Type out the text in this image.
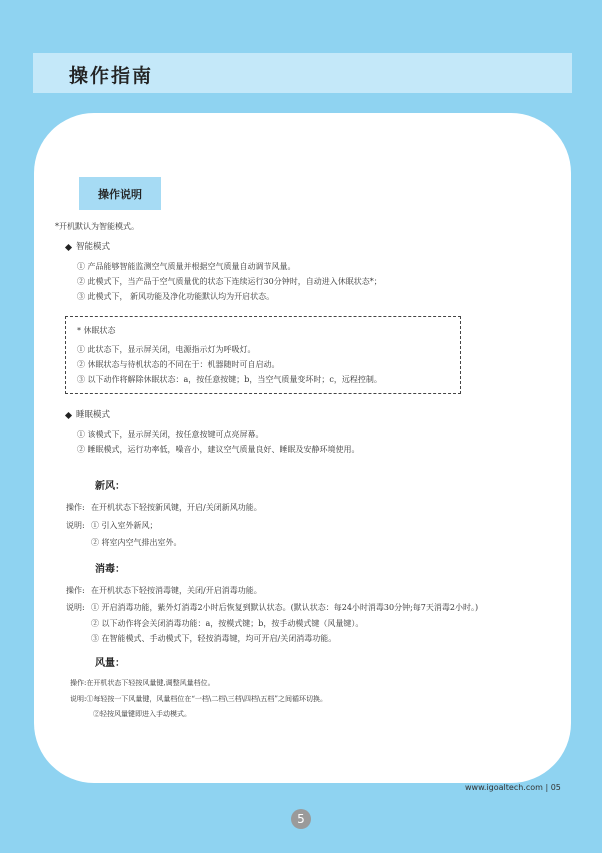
操作指南
操作说明
*开机默认为智能模式。
智能模式
① 产品能够智能监测空气质量并根据空气质量自动调节风量。
② 此模式下，当产品于空气质量优的状态下连续运行30分钟时，自动进入休眠状态*；
③ 此模式下， 新风功能及净化功能默认均为开启状态。
* 休眠状态
① 此状态下，显示屏关闭，电源指示灯为呼吸灯。
② 休眠状态与待机状态的不同在于：机器随时可自启动。
③ 以下动作将解除休眠状态：a，按任意按键；b，当空气质量变坏时；c，远程控制。
睡眠模式
① 该模式下，显示屏关闭，按任意按键可点亮屏幕。
② 睡眠模式，运行功率低，噪音小，建议空气质量良好、睡眠及安静环境使用。
新风：
操作: 在开机状态下轻按新风键，开启/关闭新风功能。
说明: ① 引入室外新风；
② 将室内空气排出室外。
消毒：
操作: 在开机状态下轻按消毒键，关闭/开启消毒功能。
说明: ① 开启消毒功能，紫外灯消毒2小时后恢复到默认状态。(默认状态：每24小时消毒30分钟;每7天消毒2小时。)
② 以下动作将会关闭消毒功能：a，按模式键；b，按手动模式键（风量键）。
③ 在智能模式、手动模式下，轻按消毒键，均可开启/关闭消毒功能。
风量：
操作:在开机状态下轻按风量键,调整风量档位。
说明:①每轻按一下风量键，风量档位在“一档\二档\三档\四档\五档”之间循环切换。
②轻按风量键即进入手动模式。
www.igoaltech.com | 05
5
